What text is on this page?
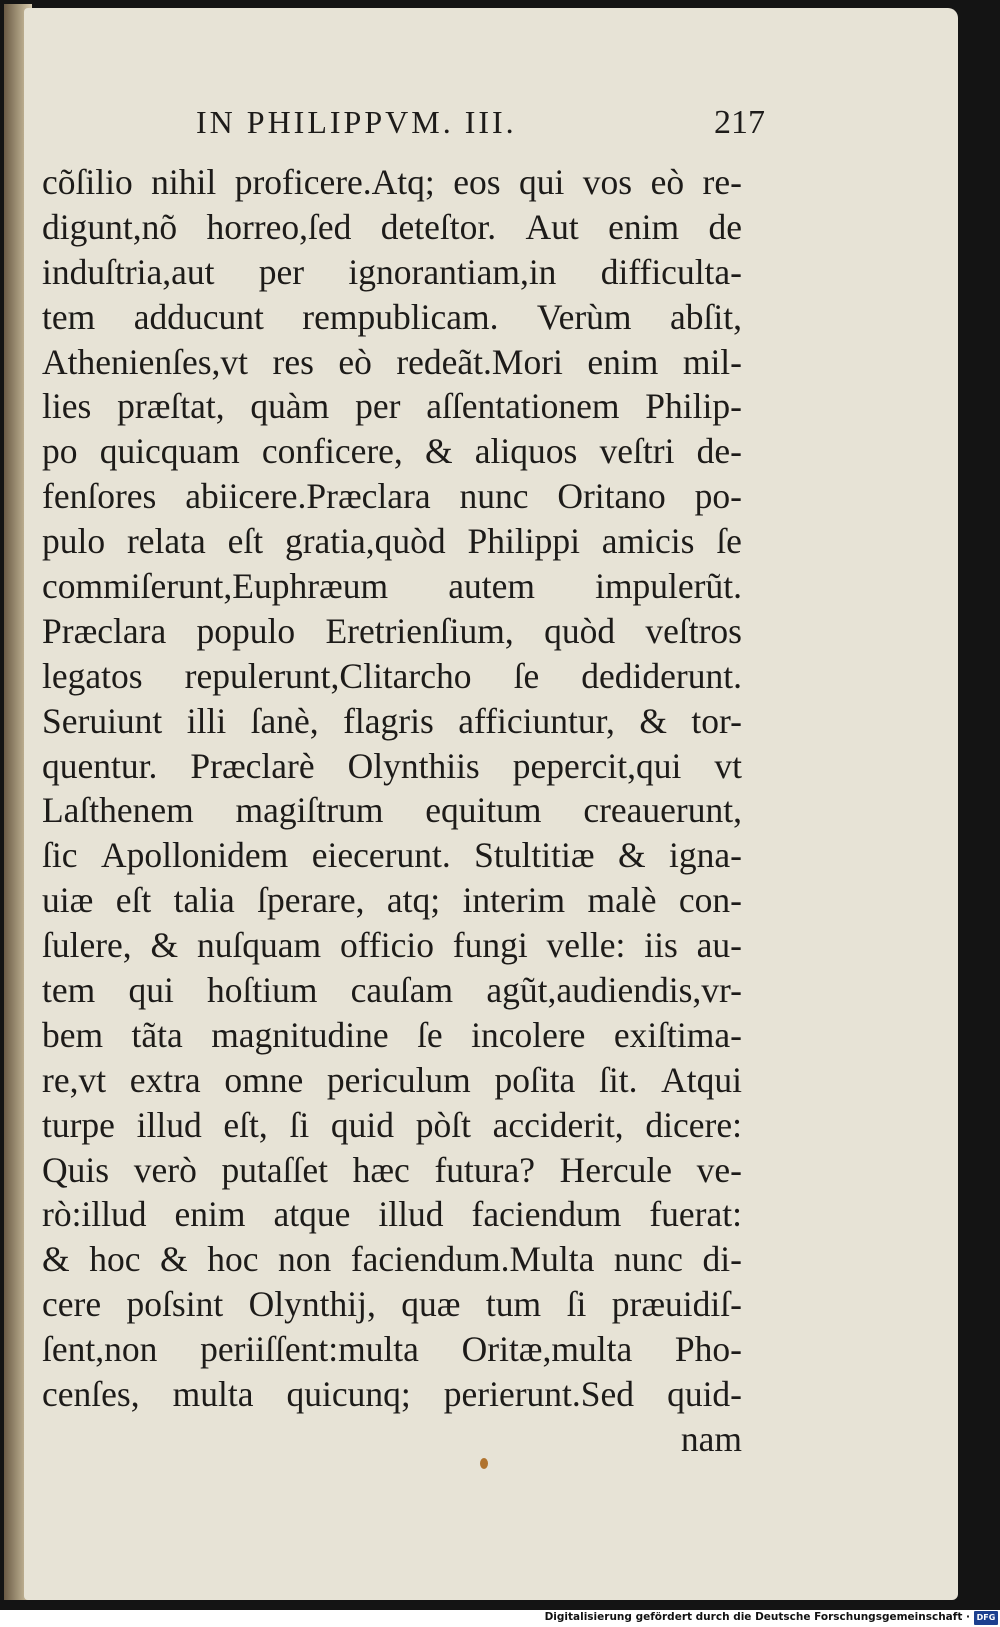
IN PHILIPPVM. III.	217
cõſilio nihil proficere.Atq; eos qui vos eò re-
digunt,nõ horreo,ſed deteſtor. Aut enim de
induſtria,aut per ignorantiam,in difficulta-
tem adducunt rempublicam. Verùm abſit,
Athenienſes,vt res eò redeãt.Mori enim mil-
lies præſtat, quàm per aſſentationem Philip-
po quicquam conficere, & aliquos veſtri de-
fenſores abiicere.Præclara nunc Oritano po-
pulo relata eſt gratia,quòd Philippi amicis ſe
commiſerunt,Euphræum autem impulerũt.
Præclara populo Eretrienſium, quòd veſtros
legatos repulerunt,Clitarcho ſe dediderunt.
Seruiunt illi ſanè, flagris afficiuntur, & tor-
quentur. Præclarè Olynthiis pepercit,qui vt
Laſthenem magiſtrum equitum creauerunt,
ſic Apollonidem eiecerunt. Stultitiæ & igna-
uiæ eſt talia ſperare, atq; interim malè con-
ſulere, & nuſquam officio fungi velle: iis au-
tem qui hoſtium cauſam agũt,audiendis,vr-
bem tãta magnitudine ſe incolere exiſtima-
re,vt extra omne periculum poſita ſit. Atqui
turpe illud eſt, ſi quid pòſt acciderit, dicere:
Quis verò putaſſet hæc futura? Hercule ve-
rò:illud enim atque illud faciendum fuerat:
& hoc & hoc non faciendum.Multa nunc di-
cere poſsint Olynthij, quæ tum ſi præuidiſ-
ſent,non periiſſent:multa Oritæ,multa Pho-
cenſes, multa quicunq; perierunt.Sed quid-
nam
Digitalisierung gefördert durch die Deutsche Forschungsgemeinschaft · DFG
